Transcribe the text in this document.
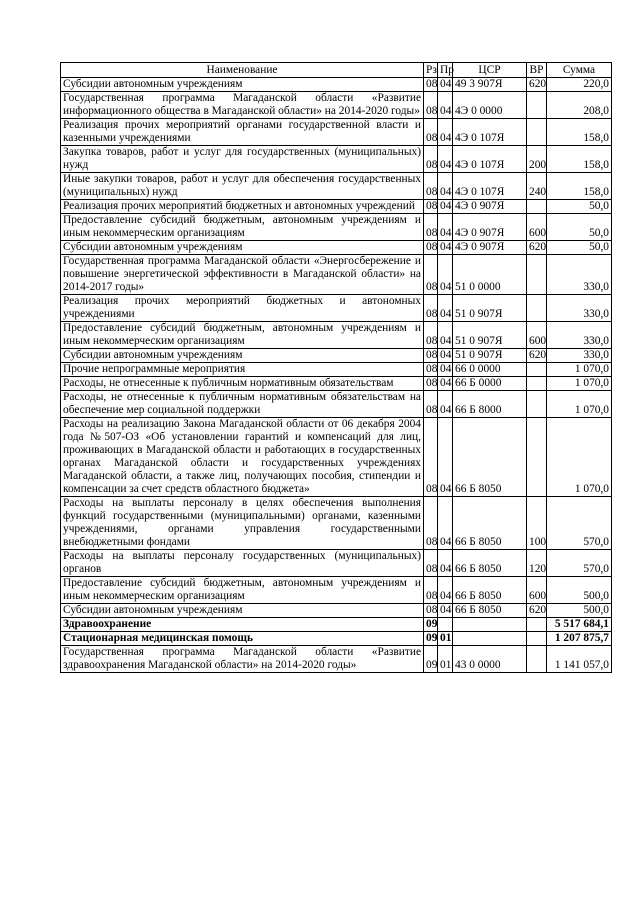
Наименование	Рз	Пр	ЦСР	ВР	Сумма
Субсидии автономным учреждениям	08	04	49 3 907Я	620	220,0
Государственная программа Магаданской области «Развитие информационного общества в Магаданской области» на 2014-2020 годы»	08	04	4Э 0 0000		208,0
Реализация прочих мероприятий органами государственной власти и казенными учреждениями	08	04	4Э 0 107Я		158,0
Закупка товаров, работ и услуг для государственных (муниципальных) нужд	08	04	4Э 0 107Я	200	158,0
Иные закупки товаров, работ и услуг для обеспечения государственных (муниципальных) нужд	08	04	4Э 0 107Я	240	158,0
Реализация прочих мероприятий бюджетных и автономных учреждений	08	04	4Э 0 907Я		50,0
Предоставление субсидий бюджетным, автономным учреждениям и иным некоммерческим организациям	08	04	4Э 0 907Я	600	50,0
Субсидии автономным учреждениям	08	04	4Э 0 907Я	620	50,0
Государственная программа Магаданской области «Энергосбережение и повышение энергетической эффективности в Магаданской области» на 2014-2017 годы»	08	04	51 0 0000		330,0
Реализация прочих мероприятий бюджетных и автономных учреждениями	08	04	51 0 907Я		330,0
Предоставление субсидий бюджетным, автономным учреждениям и иным некоммерческим организациям	08	04	51 0 907Я	600	330,0
Субсидии автономным учреждениям	08	04	51 0 907Я	620	330,0
Прочие непрограммные мероприятия	08	04	66 0 0000		1 070,0
Расходы, не отнесенные к публичным нормативным обязательствам	08	04	66 Б 0000		1 070,0
Расходы, не отнесенные к публичным нормативным обязательствам на обеспечение мер социальной поддержки	08	04	66 Б 8000		1 070,0
Расходы на реализацию Закона Магаданской области от 06 декабря 2004 года №507-ОЗ «Об установлении гарантий и компенсаций для лиц, проживающих в Магаданской области и работающих в государственных органах Магаданской области и государственных учреждениях Магаданской области, а также лиц, получающих пособия, стипендии и компенсации за счет средств областного бюджета»	08	04	66 Б 8050		1 070,0
Расходы на выплаты персоналу в целях обеспечения выполнения функций государственными (муниципальными) органами, казенными учреждениями, органами управления государственными внебюджетными фондами	08	04	66 Б 8050	100	570,0
Расходы на выплаты персоналу государственных (муниципальных) органов	08	04	66 Б 8050	120	570,0
Предоставление субсидий бюджетным, автономным учреждениям и иным некоммерческим организациям	08	04	66 Б 8050	600	500,0
Субсидии автономным учреждениям	08	04	66 Б 8050	620	500,0
Здравоохранение	09				5 517 684,1
Стационарная медицинская помощь	09	01			1 207 875,7
Государственная программа Магаданской области «Развитие здравоохранения Магаданской области» на 2014-2020 годы»	09	01	43 0 0000		1 141 057,0
